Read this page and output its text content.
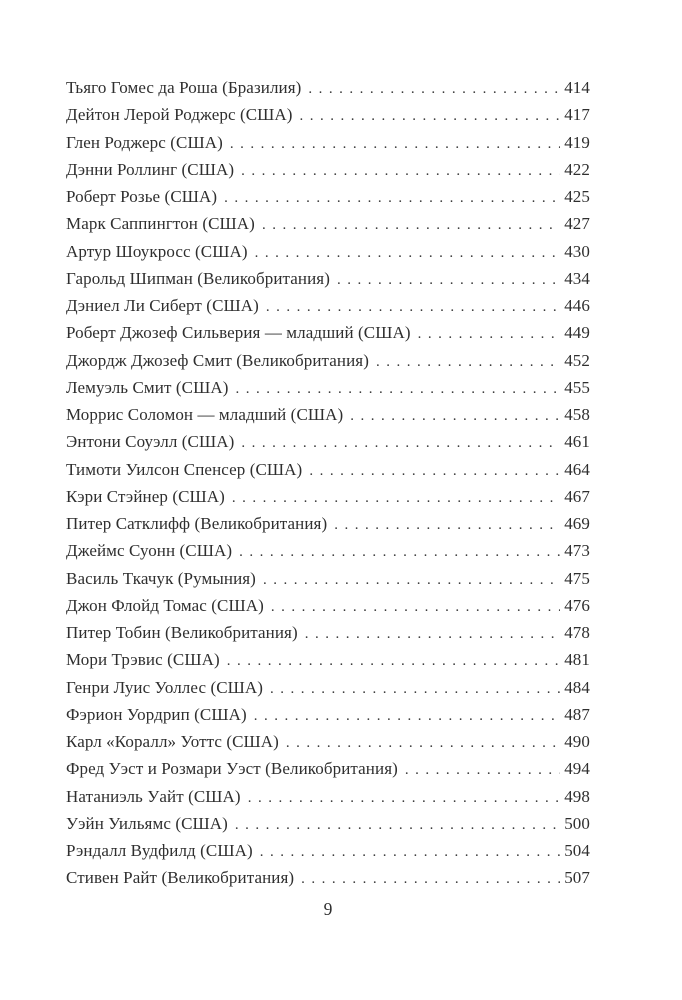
Тьяго Гомес да Роша (Бразилия) .....	414
Дейтон Лерой Роджерс (США) .....	417
Глен Роджерс (США) .....	419
Дэнни Роллинг (США) .....	422
Роберт Розье (США) .....	425
Марк Саппингтон (США) .....	427
Артур Шоукросс (США) .....	430
Гарольд Шипман (Великобритания) .....	434
Дэниел Ли Сиберт (США) .....	446
Роберт Джозеф Сильверия — младший (США) .....	449
Джордж Джозеф Смит (Великобритания) .....	452
Лемуэль Смит (США) .....	455
Моррис Соломон — младший (США) .....	458
Энтони Соуэлл (США) .....	461
Тимоти Уилсон Спенсер (США) .....	464
Кэри Стэйнер (США) .....	467
Питер Сатклифф (Великобритания) .....	469
Джеймс Суонн (США) .....	473
Василь Ткачук (Румыния) .....	475
Джон Флойд Томас (США) .....	476
Питер Тобин (Великобритания) .....	478
Мори Трэвис (США) .....	481
Генри Луис Уоллес (США) .....	484
Фэрион Уордрип (США) .....	487
Карл «Коралл» Уоттс (США) .....	490
Фред Уэст и Розмари Уэст (Великобритания) .....	494
Натаниэль Уайт (США) .....	498
Уэйн Уильямс (США) .....	500
Рэндалл Вудфилд (США) .....	504
Стивен Райт (Великобритания) .....	507
9
